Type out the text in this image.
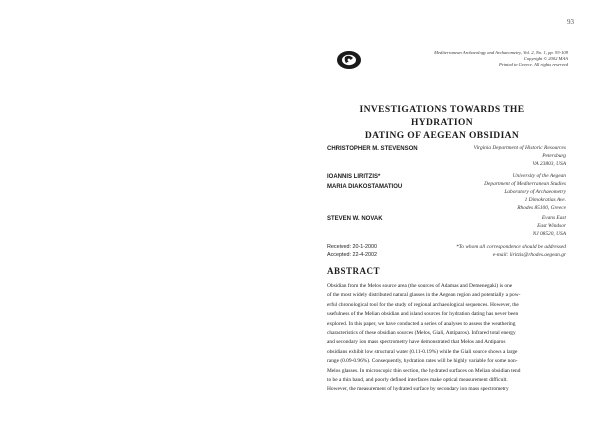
93
Mediterranean Archaeology and Archaeometry, Vol. 2, No. 1, pp. 93-109
Copyright © 2002 MAA
Printed in Greece. All rights reserved
INVESTIGATIONS TOWARDS THE HYDRATION
DATING OF AEGEAN OBSIDIAN
CHRISTOPHER M. STEVENSON	Virginia Department of Historic Resources
Petersburg
VA 23803, USA
IOANNIS LIRITZIS*
MARIA DIAKOSTAMATIOU
University of the Aegean
Department of Mediterranean Studies
Laboratory of Archaeometry
1 Dimokratias Ave.
Rhodes 85100, Greece
STEVEN W. NOVAK	Evans East
East Windsor
NJ 08520, USA
Received: 20-1-2000
Accepted: 22-4-2002
*To whom all correspondence should be addressed
e-mail: liritzis@rhodes.aegean.gr
ABSTRACT
Obsidian from the Melos source area (the sources of Adamas and Demenegaki) is one
of the most widely distributed natural glasses in the Aegean region and potentially a pow-
erful chronological tool for the study of regional archaeological sequences. However, the
usefulness of the Melian obsidian and island sources for hydration dating has never been
explored. In this paper, we have conducted a series of analyses to assess the weathering
characteristics of these obsidian sources (Melos, Giali, Antiparos). Infrared total energy
and secondary ion mass spectrometry have demonstrated that Melos and Antiparos
obsidians exhibit low structural water (0.11-0.19%) while the Giali source shows a large
range (0.09-0.96%). Consequently, hydration rates will be highly variable for some non-
Melos glasses. In microscopic thin section, the hydrated surfaces on Melian obsidian tend
to be a thin band, and poorly defined interfaces make optical measurement difficult.
However, the measurement of hydrated surface by secondary ion mass spectrometry
